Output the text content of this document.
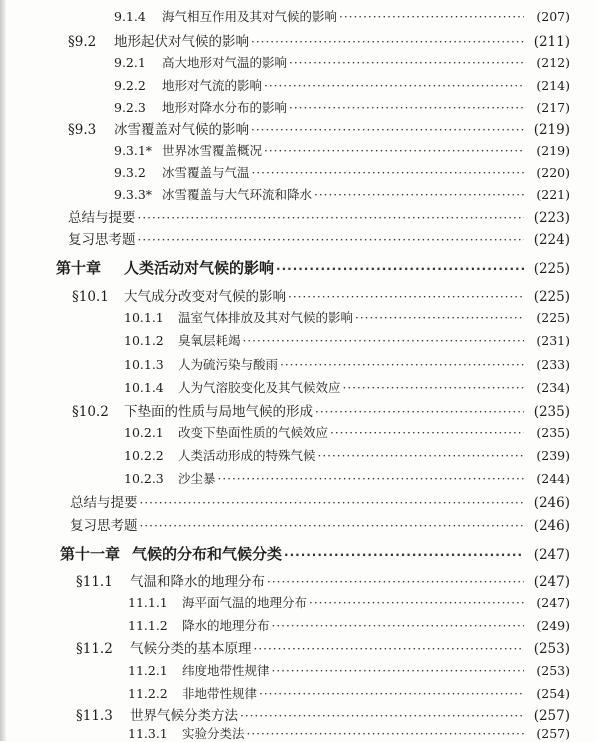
9.1.4	海气相互作用及其对气候的影响 ·····	(207)
§9.2	地形起伏对气候的影响 ·····	(211)
9.2.1	高大地形对气温的影响 ·····	(212)
9.2.2	地形对气流的影响 ·····	(214)
9.2.3	地形对降水分布的影响 ·····	(217)
§9.3	冰雪覆盖对气候的影响 ·····	(219)
9.3.1* 世界冰雪覆盖概况 ·····	(219)
9.3.2	冰雪覆盖与气温 ·····	(220)
9.3.3* 冰雪覆盖与大气环流和降水 ·····	(221)
总结与提要 ·····	(223)
复习思考题 ·····	(224)
第十章	人类活动对气候的影响 ·····	(225)
§10.1	大气成分改变对气候的影响 ·····	(225)
10.1.1	温室气体排放及其对气候的影响 ·····	(225)
10.1.2	臭氧层耗竭 ·····	(231)
10.1.3	人为硫污染与酸雨 ·····	(233)
10.1.4	人为气溶胶变化及其气候效应 ·····	(234)
§10.2	下垫面的性质与局地气候的形成 ·····	(235)
10.2.1	改变下垫面性质的气候效应 ·····	(235)
10.2.2	人类活动形成的特殊气候 ·····	(239)
10.2.3	沙尘暴 ·····	(244)
总结与提要 ·····	(246)
复习思考题 ·····	(246)
第十一章 气候的分布和气候分类 ·····	(247)
§11.1	气温和降水的地理分布 ·····	(247)
11.1.1	海平面气温的地理分布 ·····	(247)
11.1.2	降水的地理分布 ·····	(249)
§11.2	气候分类的基本原理 ·····	(253)
11.2.1	纬度地带性规律 ·····	(253)
11.2.2	非地带性规律 ·····	(254)
§11.3	世界气候分类方法 ·····	(257)
11.3.1	实验分类法 ·····	(257)
